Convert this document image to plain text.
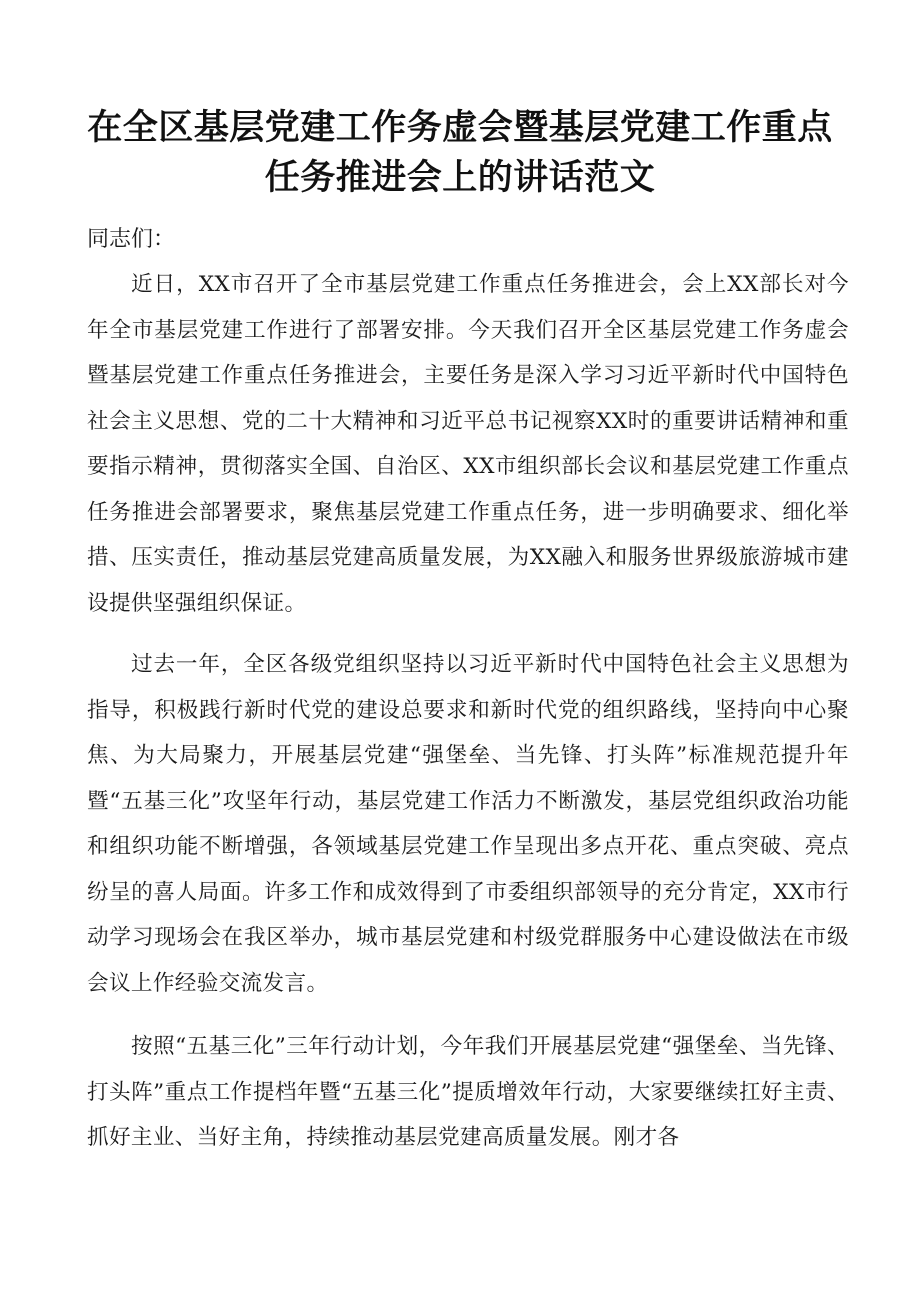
在全区基层党建工作务虚会暨基层党建工作重点
任务推进会上的讲话范文

同志们：

近日，XX市召开了全市基层党建工作重点任务推进会，会上XX部长对今年全市基层党建工作进行了部署安排。今天我们召开全区基层党建工作务虚会暨基层党建工作重点任务推进会，主要任务是深入学习习近平新时代中国特色社会主义思想、党的二十大精神和习近平总书记视察XX时的重要讲话精神和重要指示精神，贯彻落实全国、自治区、XX市组织部长会议和基层党建工作重点任务推进会部署要求，聚焦基层党建工作重点任务，进一步明确要求、细化举措、压实责任，推动基层党建高质量发展，为XX融入和服务世界级旅游城市建设提供坚强组织保证。

过去一年，全区各级党组织坚持以习近平新时代中国特色社会主义思想为指导，积极践行新时代党的建设总要求和新时代党的组织路线，坚持向中心聚焦、为大局聚力，开展基层党建“强堡垒、当先锋、打头阵”标准规范提升年暨“五基三化”攻坚年行动，基层党建工作活力不断激发，基层党组织政治功能和组织功能不断增强，各领域基层党建工作呈现出多点开花、重点突破、亮点纷呈的喜人局面。许多工作和成效得到了市委组织部领导的充分肯定，XX市行动学习现场会在我区举办，城市基层党建和村级党群服务中心建设做法在市级会议上作经验交流发言。

按照“五基三化”三年行动计划，今年我们开展基层党建“强堡垒、当先锋、打头阵”重点工作提档年暨“五基三化”提质增效年行动，大家要继续扛好主责、抓好主业、当好主角，持续推动基层党建高质量发展。刚才各
